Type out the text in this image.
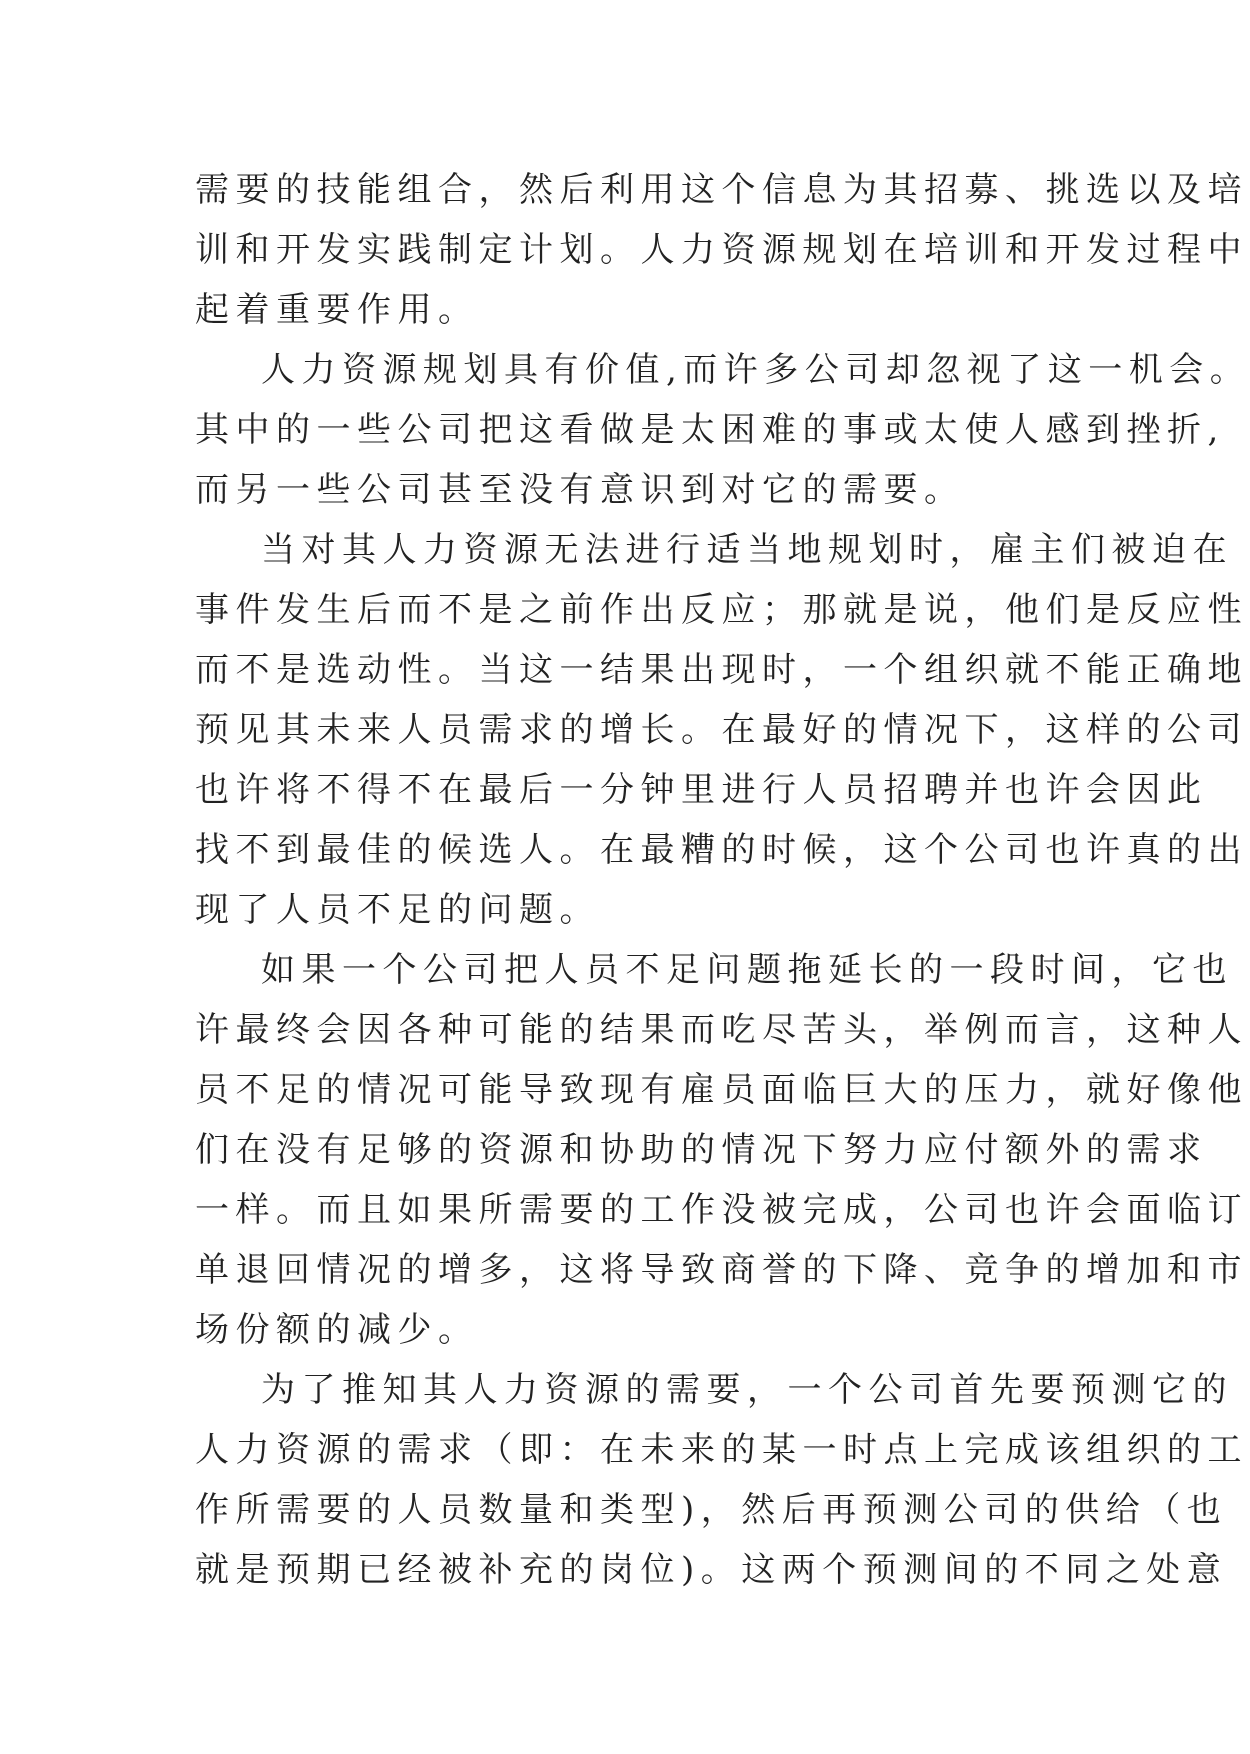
需要的技能组合，然后利用这个信息为其招募、挑选以及培
训和开发实践制定计划。人力资源规划在培训和开发过程中
起着重要作用。
人力资源规划具有价值,而许多公司却忽视了这一机会。
其中的一些公司把这看做是太困难的事或太使人感到挫折,
而另一些公司甚至没有意识到对它的需要。
当对其人力资源无法进行适当地规划时，雇主们被迫在
事件发生后而不是之前作出反应；那就是说，他们是反应性
而不是选动性。当这一结果出现时，一个组织就不能正确地
预见其未来人员需求的增长。在最好的情况下，这样的公司
也许将不得不在最后一分钟里进行人员招聘并也许会因此
找不到最佳的候选人。在最糟的时候，这个公司也许真的出
现了人员不足的问题。
如果一个公司把人员不足问题拖延长的一段时间，它也
许最终会因各种可能的结果而吃尽苦头，举例而言，这种人
员不足的情况可能导致现有雇员面临巨大的压力，就好像他
们在没有足够的资源和协助的情况下努力应付额外的需求
一样。而且如果所需要的工作没被完成，公司也许会面临订
单退回情况的增多，这将导致商誉的下降、竞争的增加和市
场份额的减少。
为了推知其人力资源的需要，一个公司首先要预测它的
人力资源的需求（即：在未来的某一时点上完成该组织的工
作所需要的人员数量和类型)，然后再预测公司的供给（也
就是预期已经被补充的岗位)。这两个预测间的不同之处意
